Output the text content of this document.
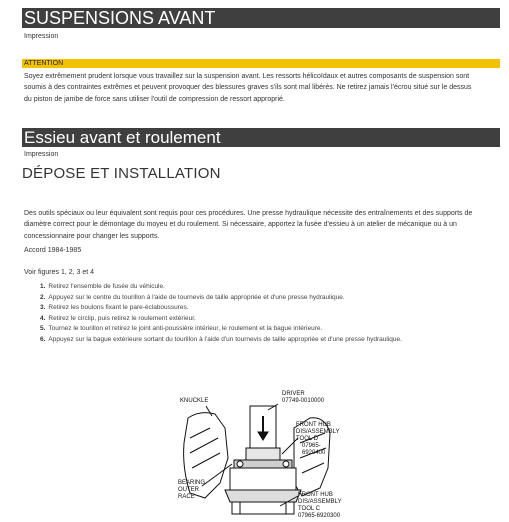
SUSPENSIONS AVANT
Impression
ATTENTION
Soyez extrêmement prudent lorsque vous travaillez sur la suspension avant. Les ressorts hélicoïdaux et autres composants de suspension sont
soumis à des contraintes extrêmes et peuvent provoquer des blessures graves s'ils sont mal libérés. Ne retirez jamais l'écrou situé sur le dessus
du piston de jambe de force sans utiliser l'outil de compression de ressort approprié.
Essieu avant et roulement
Impression
DÉPOSE ET INSTALLATION
Des outils spéciaux ou leur équivalent sont requis pour ces procédures. Une presse hydraulique nécessite des entraînements et des supports de
diamètre correct pour le démontage du moyeu et du roulement. Si nécessaire, apportez la fusée d'essieu à un atelier de mécanique ou à un
concessionnaire pour changer les supports.
Accord 1984-1985
Voir figures 1, 2, 3 et 4
1. Retirez l'ensemble de fusée du véhicule.
2. Appuyez sur le centre du tourillon à l'aide de tournevis de taille appropriée et d'une presse hydraulique.
3. Retirez les boulons fixant le pare-éclaboussures.
4. Retirez le circlip, puis retirez le roulement extérieur.
5. Tournez le tourillon et retirez le joint anti-poussière intérieur, le roulement et la bague intérieure.
6. Appuyez sur la bague extérieure sortant du tourillon à l'aide d'un tournevis de taille appropriée et d'une presse hydraulique.
KNUCKLE
DRIVER
07749-0010000
FRONT HUB
DIS/ASSEMBLY
TOOL D
07965-
6920400
BEARING
OUTER
RACE	FRONT HUB
DIS/ASSEMBLY
TOOL C
07965-6920300
